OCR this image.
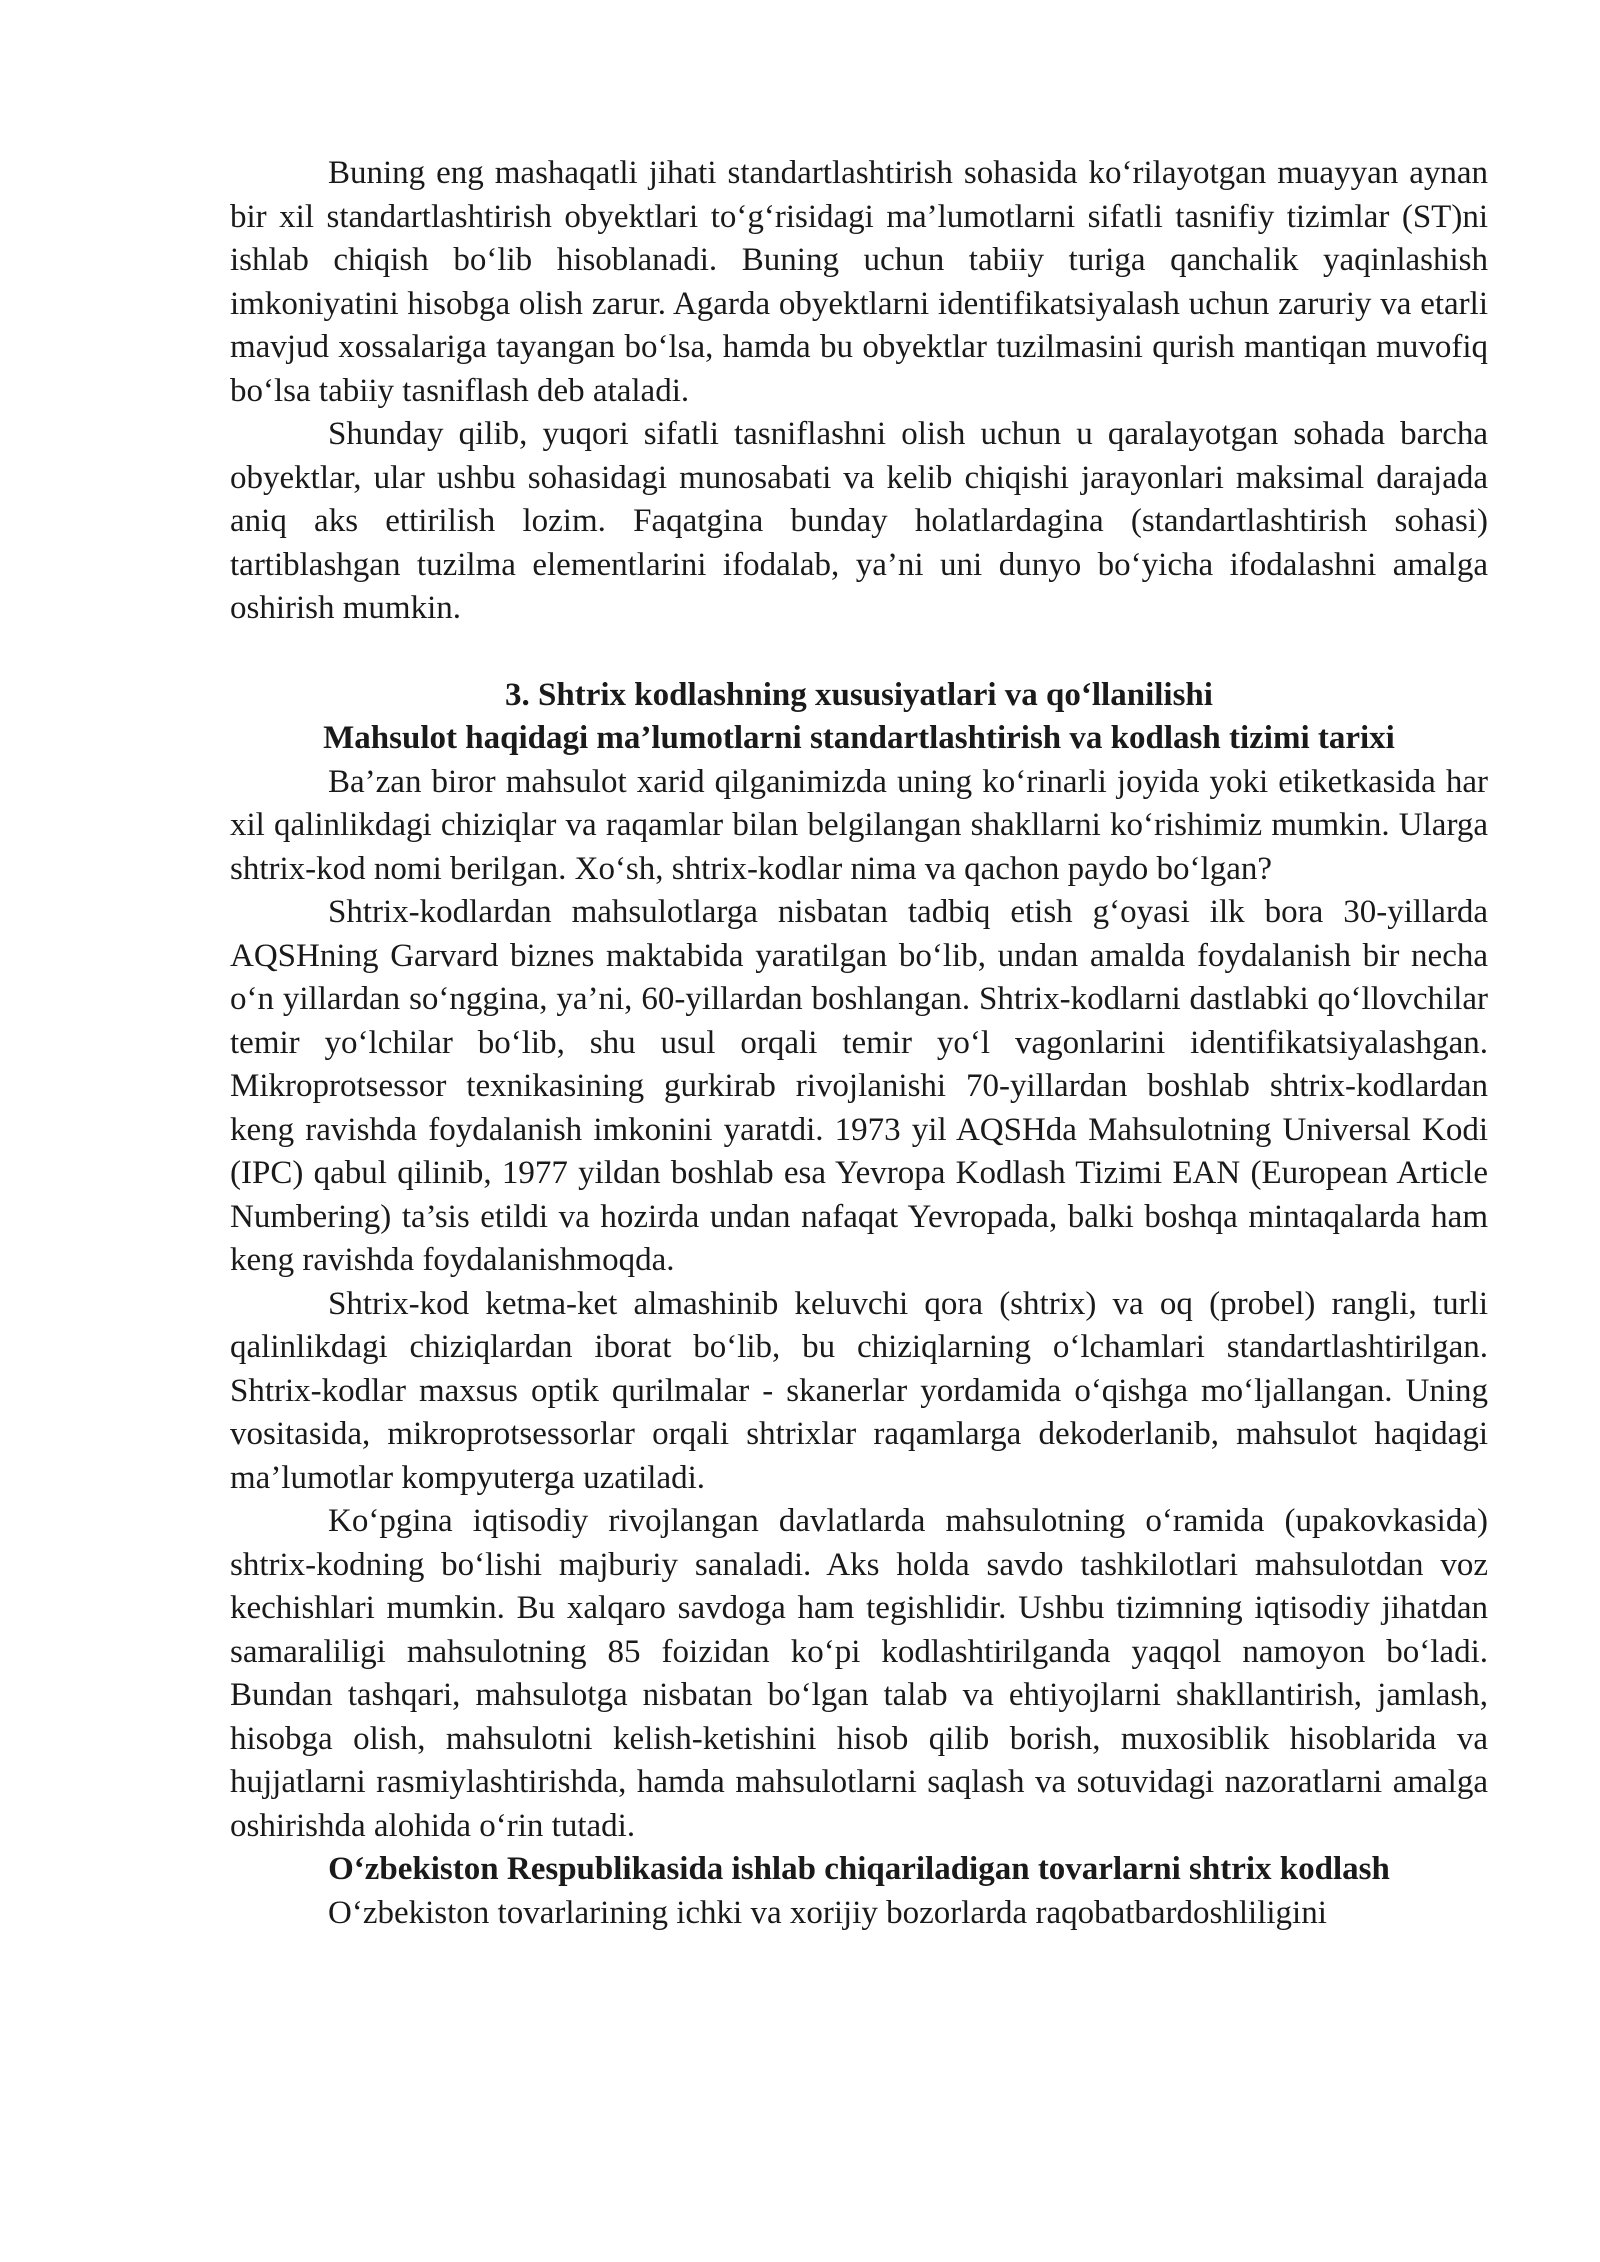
Buning eng mashaqatli jihati standartlashtirish sohasida ko‘rilayotgan muayyan aynan bir xil standartlashtirish obyektlari to‘g‘risidagi ma’lumotlarni sifatli tasnifiy tizimlar (ST)ni ishlab chiqish bo‘lib hisoblanadi. Buning uchun tabiiy turiga qanchalik yaqinlashish imkoniyatini hisobga olish zarur. Agarda obyektlarni identifikatsiyalash uchun zaruriy va etarli mavjud xossalariga tayangan bo‘lsa, hamda bu obyektlar tuzilmasini qurish mantiqan muvofiq bo‘lsa tabiiy tasniflash deb ataladi.

Shunday qilib, yuqori sifatli tasniflashni olish uchun u qaralayotgan sohada barcha obyektlar, ular ushbu sohasidagi munosabati va kelib chiqishi jarayonlari maksimal darajada aniq aks ettirilish lozim. Faqatgina bunday holatlardagina (standartlashtirish sohasi) tartiblashgan tuzilma elementlarini ifodalab, ya’ni uni dunyo bo‘yicha ifodalashni amalga oshirish mumkin.

3. Shtrix kodlashning xususiyatlari va qo‘llanilishi

Mahsulot haqidagi ma’lumotlarni standartlashtirish va kodlash tizimi tarixi

Ba’zan biror mahsulot xarid qilganimizda uning ko‘rinarli joyida yoki etiketkasida har xil qalinlikdagi chiziqlar va raqamlar bilan belgilangan shakllarni ko‘rishimiz mumkin. Ularga shtrix-kod nomi berilgan. Xo‘sh, shtrix-kodlar nima va qachon paydo bo‘lgan?

Shtrix-kodlardan mahsulotlarga nisbatan tadbiq etish g‘oyasi ilk bora 30-yillarda AQSHning Garvard biznes maktabida yaratilgan bo‘lib, undan amalda foydalanish bir necha o‘n yillardan so‘nggina, ya’ni, 60-yillardan boshlangan. Shtrix-kodlarni dastlabki qo‘llovchilar temir yo‘lchilar bo‘lib, shu usul orqali temir yo‘l vagonlarini identifikatsiyalashgan. Mikroprotsessor texnikasining gurkirab rivojlanishi 70-yillardan boshlab shtrix-kodlardan keng ravishda foydalanish imkonini yaratdi. 1973 yil AQSHda Mahsulotning Universal Kodi (IPC) qabul qilinib, 1977 yildan boshlab esa Yevropa Kodlash Tizimi EAN (European Article Numbering) ta’sis etildi va hozirda undan nafaqat Yevropada, balki boshqa mintaqalarda ham keng ravishda foydalanishmoqda.

Shtrix-kod ketma-ket almashinib keluvchi qora (shtrix) va oq (probel) rangli, turli qalinlikdagi chiziqlardan iborat bo‘lib, bu chiziqlarning o‘lchamlari standartlashtirilgan. Shtrix-kodlar maxsus optik qurilmalar - skanerlar yordamida o‘qishga mo‘ljallangan. Uning vositasida, mikroprotsessorlar orqali shtrixlar raqamlarga dekoderlanib, mahsulot haqidagi ma’lumotlar kompyuterga uzatiladi.

Ko‘pgina iqtisodiy rivojlangan davlatlarda mahsulotning o‘ramida (upakovkasida) shtrix-kodning bo‘lishi majburiy sanaladi. Aks holda savdo tashkilotlari mahsulotdan voz kechishlari mumkin. Bu xalqaro savdoga ham tegishlidir. Ushbu tizimning iqtisodiy jihatdan samaraliligi mahsulotning 85 foizidan ko‘pi kodlashtirilganda yaqqol namoyon bo‘ladi. Bundan tashqari, mahsulotga nisbatan bo‘lgan talab va ehtiyojlarni shakllantirish, jamlash, hisobga olish, mahsulotni kelish-ketishini hisob qilib borish, muxosiblik hisoblarida va hujjatlarni rasmiylashtirishda, hamda mahsulotlarni saqlash va sotuvidagi nazoratlarni amalga oshirishda alohida o‘rin tutadi.

O‘zbekiston Respublikasida ishlab chiqariladigan tovarlarni shtrix kodlash

O‘zbekiston tovarlarining ichki va xorijiy bozorlarda raqobatbardoshliligini
